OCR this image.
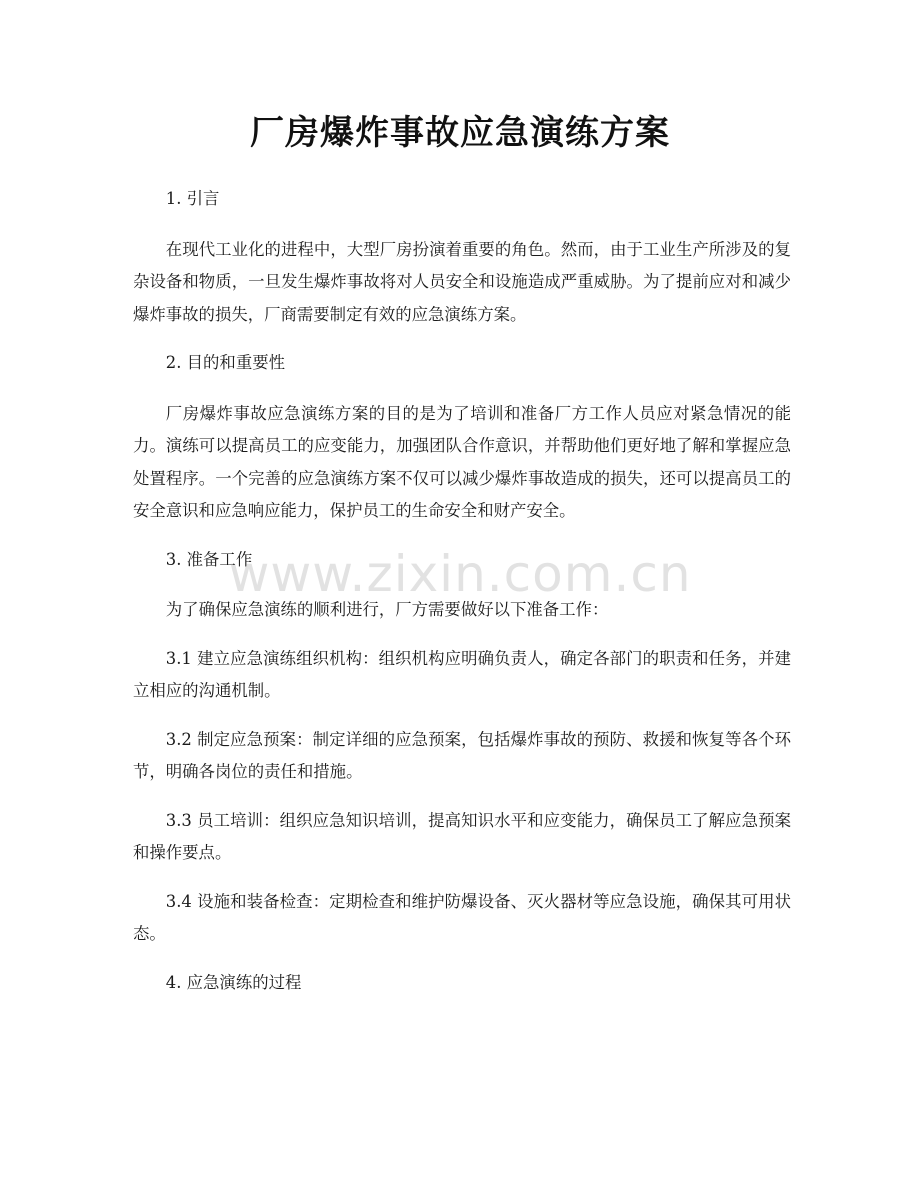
厂房爆炸事故应急演练方案

1. 引言

在现代工业化的进程中，大型厂房扮演着重要的角色。然而，由于工业生产所涉及的复杂设备和物质，一旦发生爆炸事故将对人员安全和设施造成严重威胁。为了提前应对和减少爆炸事故的损失，厂商需要制定有效的应急演练方案。

2. 目的和重要性

厂房爆炸事故应急演练方案的目的是为了培训和准备厂方工作人员应对紧急情况的能力。演练可以提高员工的应变能力，加强团队合作意识，并帮助他们更好地了解和掌握应急处置程序。一个完善的应急演练方案不仅可以减少爆炸事故造成的损失，还可以提高员工的安全意识和应急响应能力，保护员工的生命安全和财产安全。

3. 准备工作

为了确保应急演练的顺利进行，厂方需要做好以下准备工作：

3.1 建立应急演练组织机构：组织机构应明确负责人，确定各部门的职责和任务，并建立相应的沟通机制。

3.2 制定应急预案：制定详细的应急预案，包括爆炸事故的预防、救援和恢复等各个环节，明确各岗位的责任和措施。

3.3 员工培训：组织应急知识培训，提高知识水平和应变能力，确保员工了解应急预案和操作要点。

3.4 设施和装备检查：定期检查和维护防爆设备、灭火器材等应急设施，确保其可用状态。

4. 应急演练的过程

www.zixin.com.cn
